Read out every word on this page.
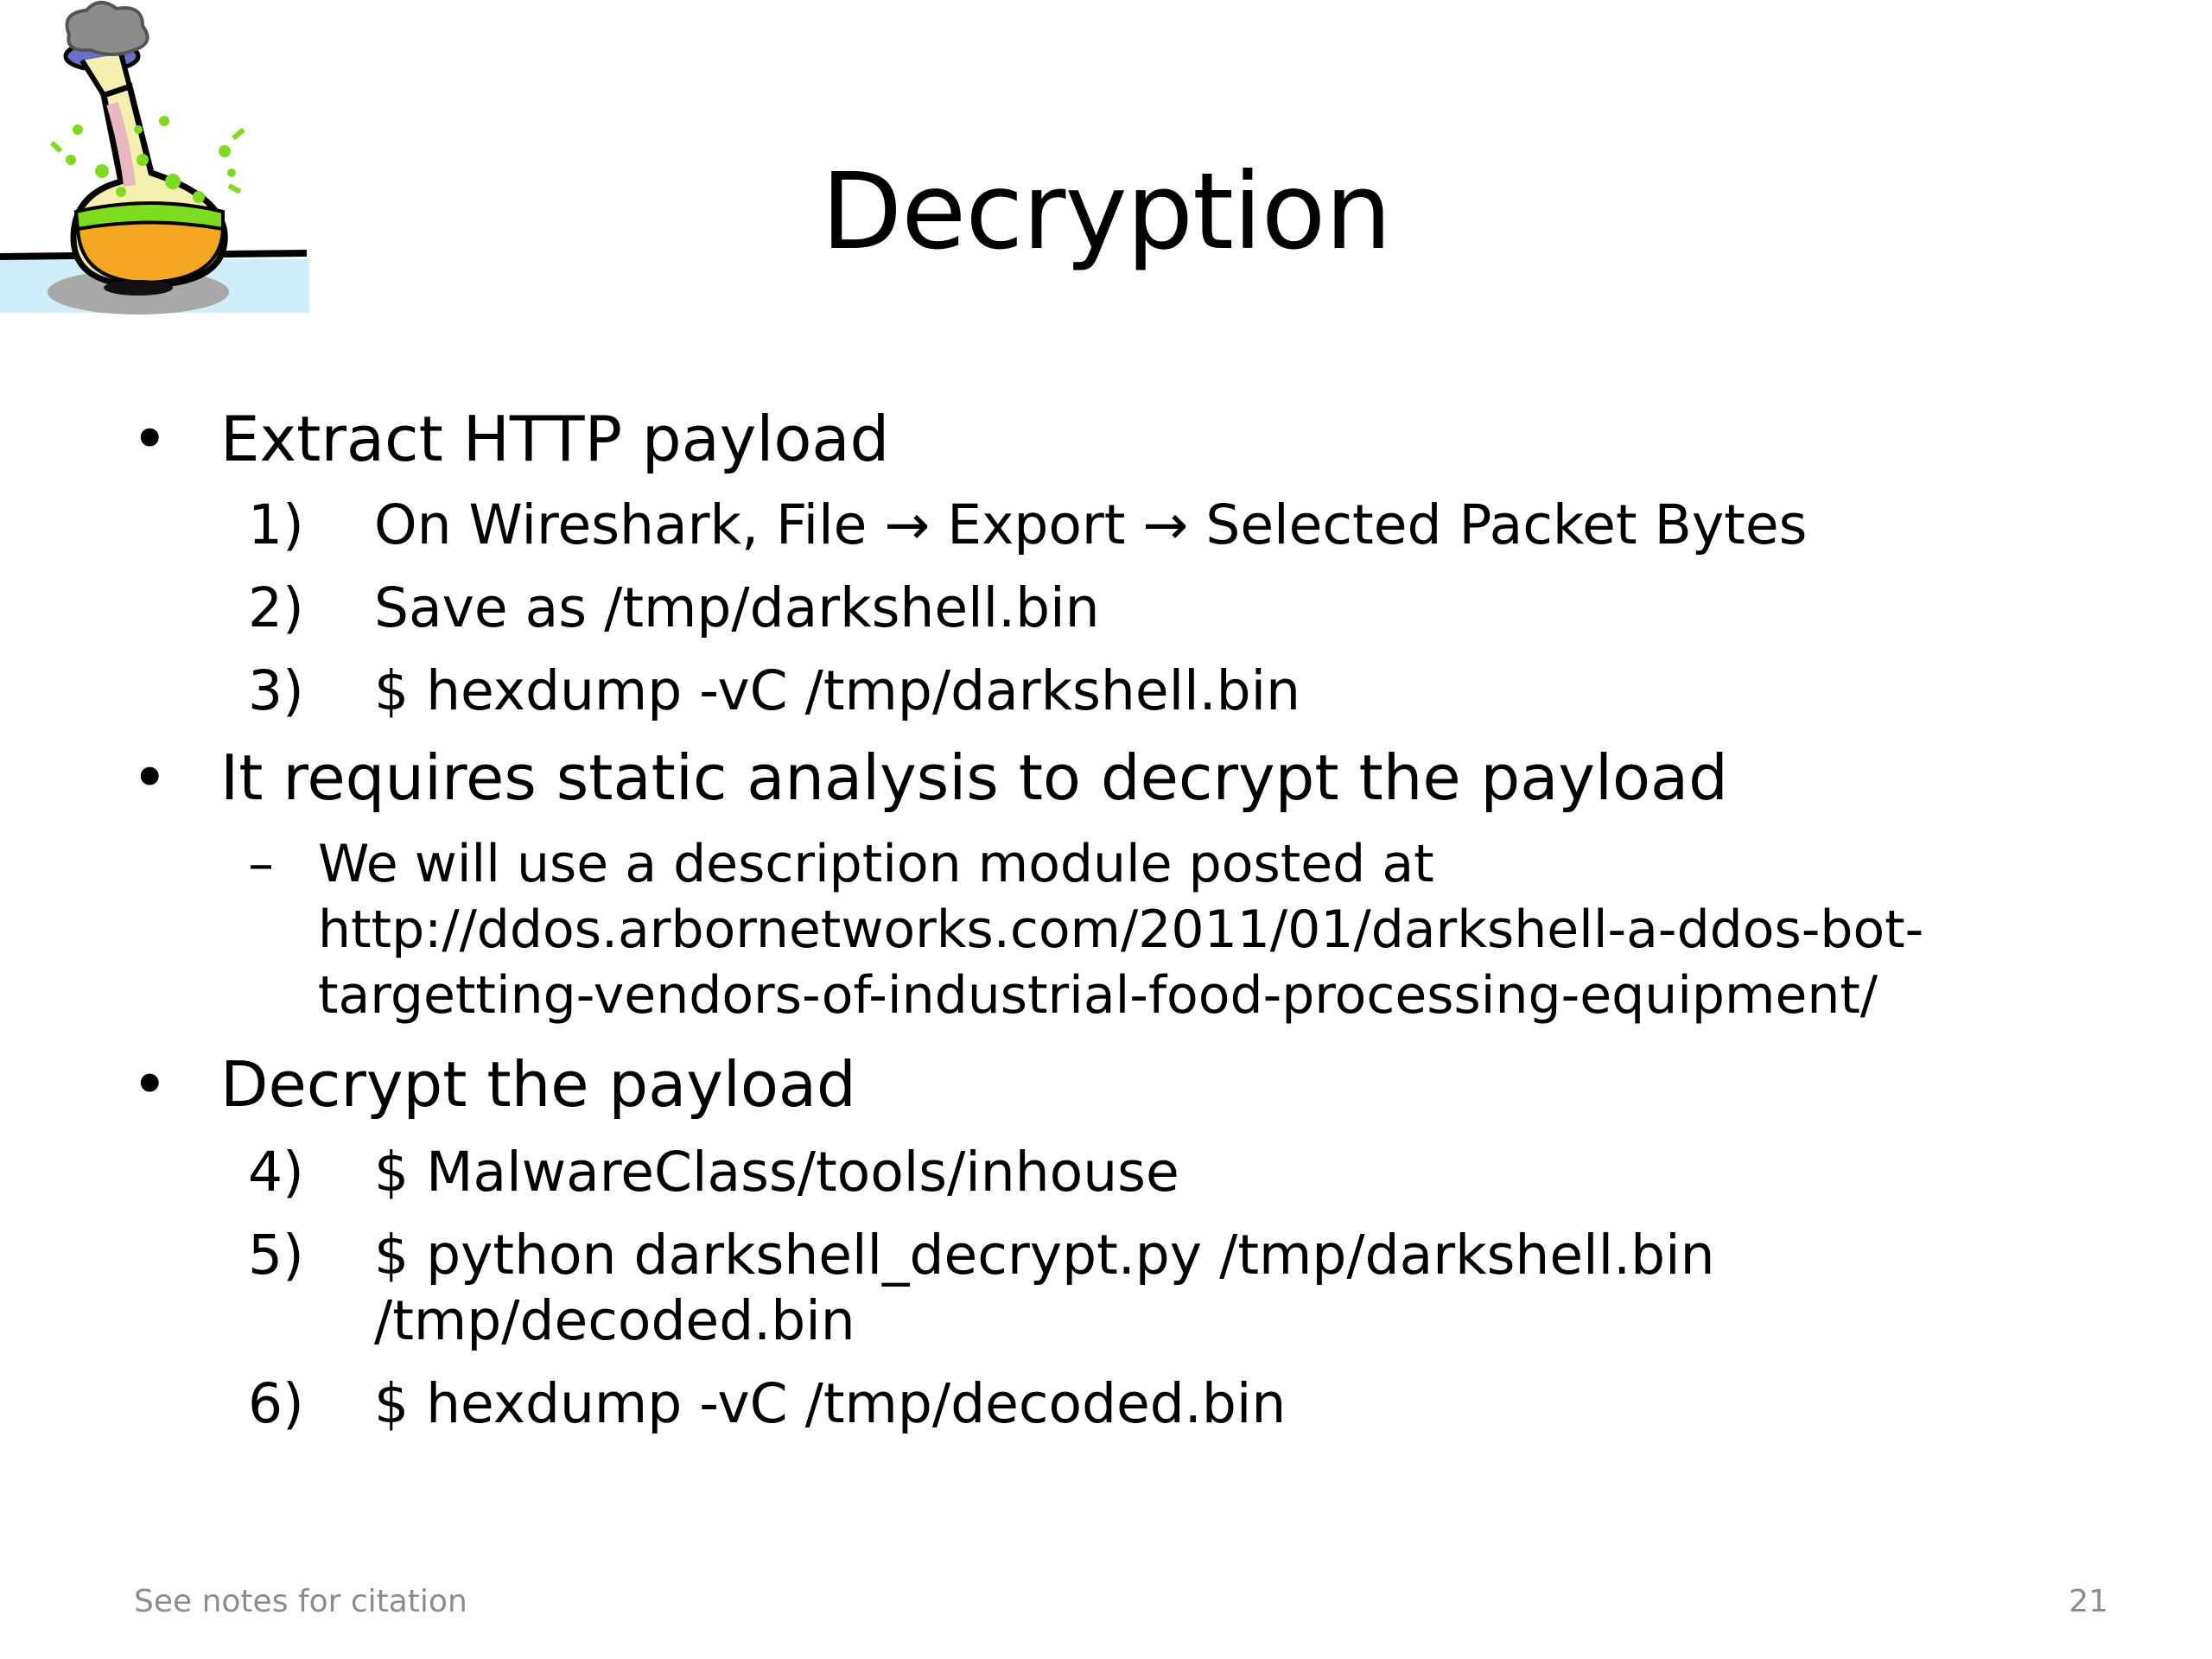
Decryption
• Extract HTTP payload
1) On Wireshark, File → Export → Selected Packet Bytes
2) Save as /tmp/darkshell.bin
3) $ hexdump -vC /tmp/darkshell.bin
• It requires static analysis to decrypt the payload
– We will use a description module posted at
http://ddos.arbornetworks.com/2011/01/darkshell-a-ddos-bot-
targetting-vendors-of-industrial-food-processing-equipment/
• Decrypt the payload
4) $ MalwareClass/tools/inhouse
5) $ python darkshell_decrypt.py /tmp/darkshell.bin
/tmp/decoded.bin
6) $ hexdump -vC /tmp/decoded.bin
See notes for citation	21
